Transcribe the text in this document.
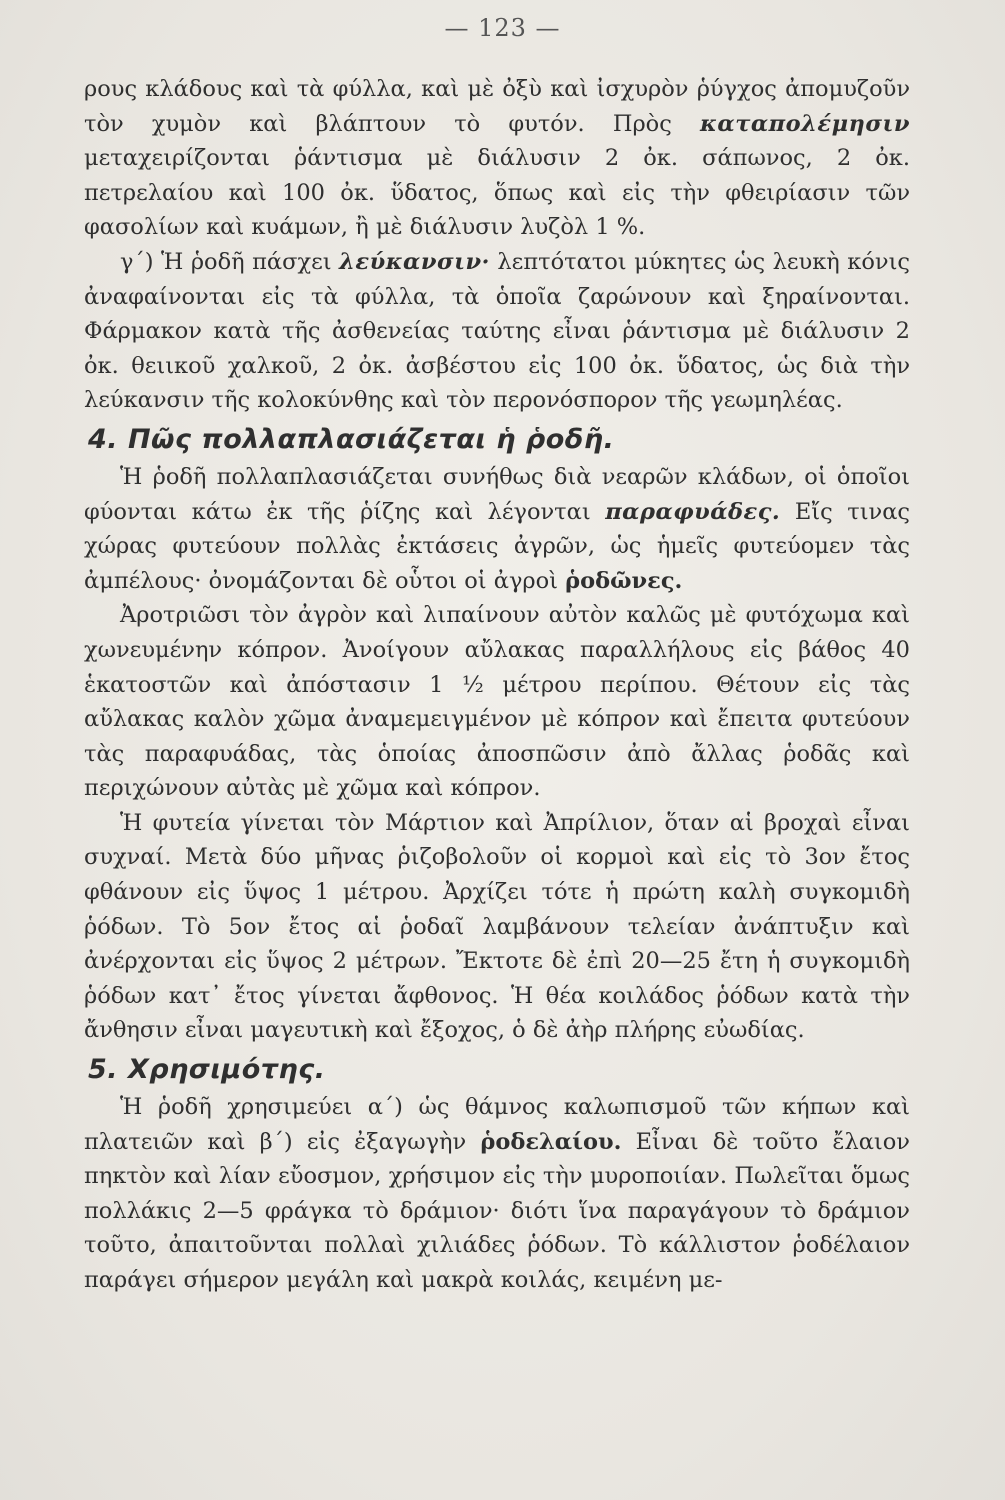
— 123 —

ρους κλάδους καὶ τὰ φύλλα, καὶ μὲ ὀξὺ καὶ ἰσχυρὸν ῥύγχος ἀπομυζοῦν τὸν χυμὸν καὶ βλάπτουν τὸ φυτόν. Πρὸς καταπολέμησιν μεταχειρίζονται ῥάντισμα μὲ διάλυσιν 2 ὀκ. σάπωνος, 2 ὀκ. πετρελαίου καὶ 100 ὀκ. ὕδατος, ὅπως καὶ εἰς τὴν φθειρίασιν τῶν φασολίων καὶ κυάμων, ἢ μὲ διάλυσιν λυζὸλ 1 %.

γ΄) Ἡ ῥοδῆ πάσχει λεύκανσιν· λεπτότατοι μύκητες ὡς λευκὴ κόνις ἀναφαίνονται εἰς τὰ φύλλα, τὰ ὁποῖα ζαρώνουν καὶ ξηραίνονται. Φάρμακον κατὰ τῆς ἀσθενείας ταύτης εἶναι ῥάντισμα μὲ διάλυσιν 2 ὀκ. θειικοῦ χαλκοῦ, 2 ὀκ. ἀσβέστου εἰς 100 ὀκ. ὕδατος, ὡς διὰ τὴν λεύκανσιν τῆς κολοκύνθης καὶ τὸν περονόσπορον τῆς γεωμηλέας.

4. Πῶς πολλαπλασιάζεται ἡ ῥοδῆ.

Ἡ ῥοδῆ πολλαπλασιάζεται συνήθως διὰ νεαρῶν κλάδων, οἱ ὁποῖοι φύονται κάτω ἐκ τῆς ῥίζης καὶ λέγονται παραφυάδες. Εἴς τινας χώρας φυτεύουν πολλὰς ἐκτάσεις ἀγρῶν, ὡς ἡμεῖς φυτεύομεν τὰς ἀμπέλους· ὀνομάζονται δὲ οὗτοι οἱ ἀγροὶ ῥοδῶνες.

Ἀροτριῶσι τὸν ἀγρὸν καὶ λιπαίνουν αὐτὸν καλῶς μὲ φυτόχωμα καὶ χωνευμένην κόπρον. Ἀνοίγουν αὔλακας παραλλήλους εἰς βάθος 40 ἑκατοστῶν καὶ ἀπόστασιν 1 ½ μέτρου περίπου. Θέτουν εἰς τὰς αὔλακας καλὸν χῶμα ἀναμεμειγμένον μὲ κόπρον καὶ ἔπειτα φυτεύουν τὰς παραφυάδας, τὰς ὁποίας ἀποσπῶσιν ἀπὸ ἄλλας ῥοδᾶς καὶ περιχώνουν αὐτὰς μὲ χῶμα καὶ κόπρον.

Ἡ φυτεία γίνεται τὸν Μάρτιον καὶ Ἀπρίλιον, ὅταν αἱ βροχαὶ εἶναι συχναί. Μετὰ δύο μῆνας ῥιζοβολοῦν οἱ κορμοὶ καὶ εἰς τὸ 3ον ἔτος φθάνουν εἰς ὕψος 1 μέτρου. Ἀρχίζει τότε ἡ πρώτη καλὴ συγκομιδὴ ῥόδων. Τὸ 5ον ἔτος αἱ ῥοδαῖ λαμβάνουν τελείαν ἀνάπτυξιν καὶ ἀνέρχονται εἰς ὕψος 2 μέτρων. Ἔκτοτε δὲ ἐπὶ 20—25 ἔτη ἡ συγκομιδὴ ῥόδων κατ᾽ ἔτος γίνεται ἄφθονος. Ἡ θέα κοιλάδος ῥόδων κατὰ τὴν ἄνθησιν εἶναι μαγευτικὴ καὶ ἔξοχος, ὁ δὲ ἀὴρ πλήρης εὐωδίας.

5. Χρησιμότης.

Ἡ ῥοδῆ χρησιμεύει α΄) ὡς θάμνος καλωπισμοῦ τῶν κήπων καὶ πλατειῶν καὶ β΄) εἰς ἐξαγωγὴν ῥοδελαίου. Εἶναι δὲ τοῦτο ἔλαιον πηκτὸν καὶ λίαν εὔοσμον, χρήσιμον εἰς τὴν μυροποιίαν. Πωλεῖται ὅμως πολλάκις 2—5 φράγκα τὸ δράμιον· διότι ἵνα παραγάγουν τὸ δράμιον τοῦτο, ἀπαιτοῦνται πολλαὶ χιλιάδες ῥόδων. Τὸ κάλλιστον ῥοδέλαιον παράγει σήμερον μεγάλη καὶ μακρὰ κοιλάς, κειμένη με-
